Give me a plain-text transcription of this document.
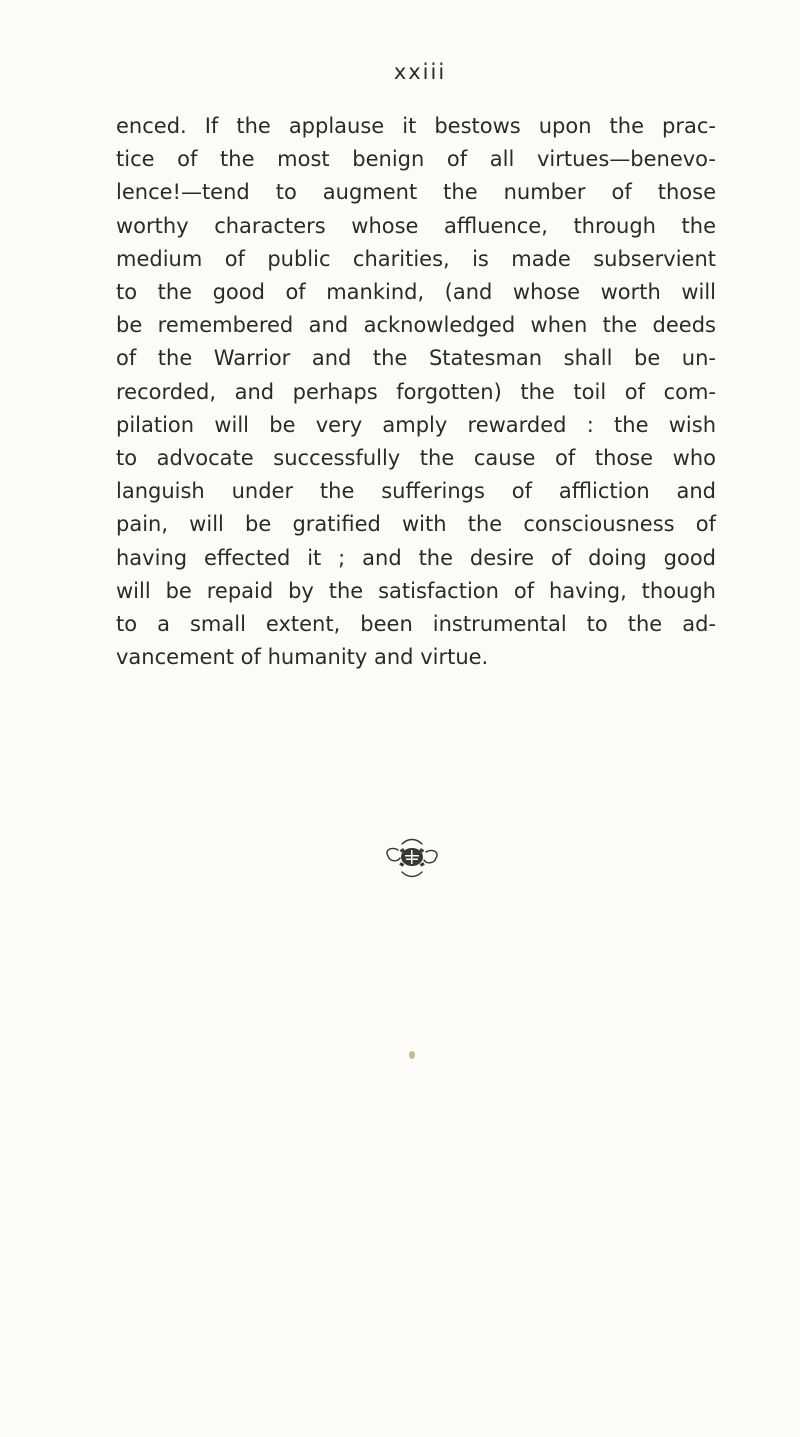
xxiii
enced. If the applause it bestows upon the prac-
tice of the most benign of all virtues—benevo-
lence!—tend to augment the number of those
worthy characters whose affluence, through the
medium of public charities, is made subservient
to the good of mankind, (and whose worth will
be remembered and acknowledged when the deeds
of the Warrior and the Statesman shall be un-
recorded, and perhaps forgotten) the toil of com-
pilation will be very amply rewarded : the wish
to advocate successfully the cause of those who
languish under the sufferings of affliction and
pain, will be gratified with the consciousness of
having effected it ; and the desire of doing good
will be repaid by the satisfaction of having, though
to a small extent, been instrumental to the ad-
vancement of humanity and virtue.
